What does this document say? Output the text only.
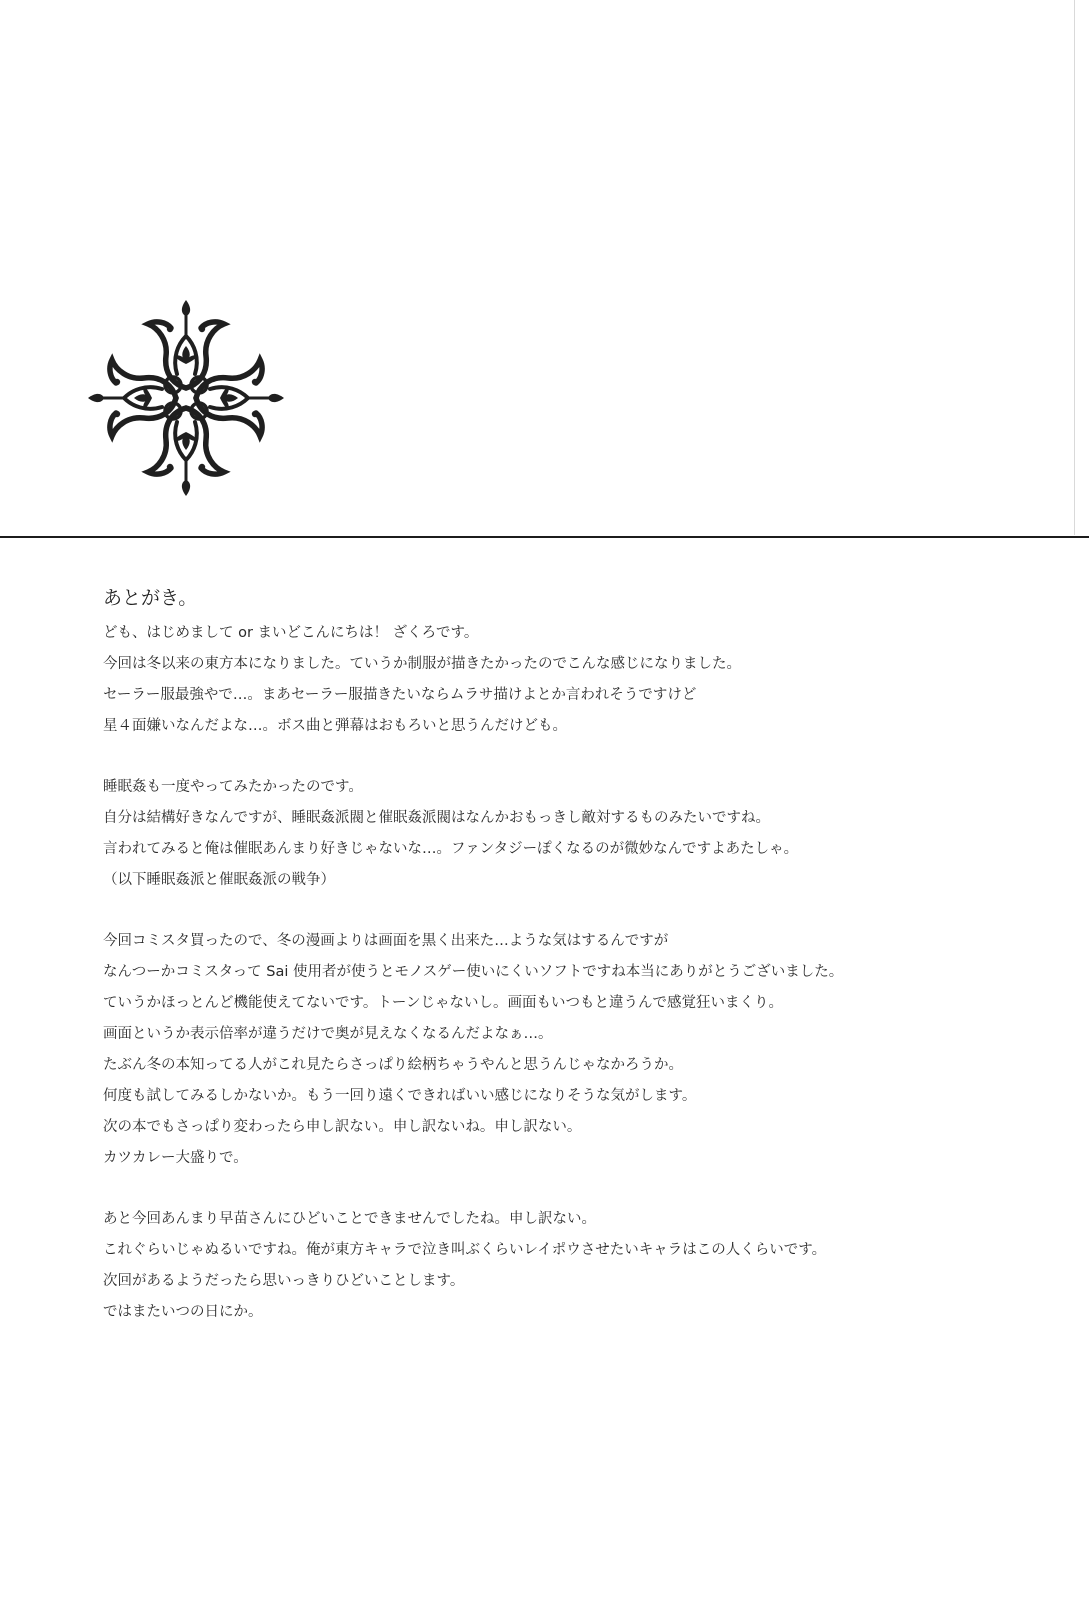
あとがき。
ども、はじめまして or まいどこんにちは！ ざくろです。
今回は冬以来の東方本になりました。ていうか制服が描きたかったのでこんな感じになりました。
セーラー服最強やで…。まあセーラー服描きたいならムラサ描けよとか言われそうですけど
星４面嫌いなんだよな…。ボス曲と弾幕はおもろいと思うんだけども。
睡眠姦も一度やってみたかったのです。
自分は結構好きなんですが、睡眠姦派閥と催眠姦派閥はなんかおもっきし敵対するものみたいですね。
言われてみると俺は催眠あんまり好きじゃないな…。ファンタジーぽくなるのが微妙なんですよあたしゃ。
（以下睡眠姦派と催眠姦派の戦争）
今回コミスタ買ったので、冬の漫画よりは画面を黒く出来た…ような気はするんですが
なんつーかコミスタって Sai 使用者が使うとモノスゲー使いにくいソフトですね本当にありがとうございました。
ていうかほっとんど機能使えてないです。トーンじゃないし。画面もいつもと違うんで感覚狂いまくり。
画面というか表示倍率が違うだけで奥が見えなくなるんだよなぁ…。
たぶん冬の本知ってる人がこれ見たらさっぱり絵柄ちゃうやんと思うんじゃなかろうか。
何度も試してみるしかないか。もう一回り遠くできればいい感じになりそうな気がします。
次の本でもさっぱり変わったら申し訳ない。申し訳ないね。申し訳ない。
カツカレー大盛りで。
あと今回あんまり早苗さんにひどいことできませんでしたね。申し訳ない。
これぐらいじゃぬるいですね。俺が東方キャラで泣き叫ぶくらいレイポウさせたいキャラはこの人くらいです。
次回があるようだったら思いっきりひどいことします。
ではまたいつの日にか。
